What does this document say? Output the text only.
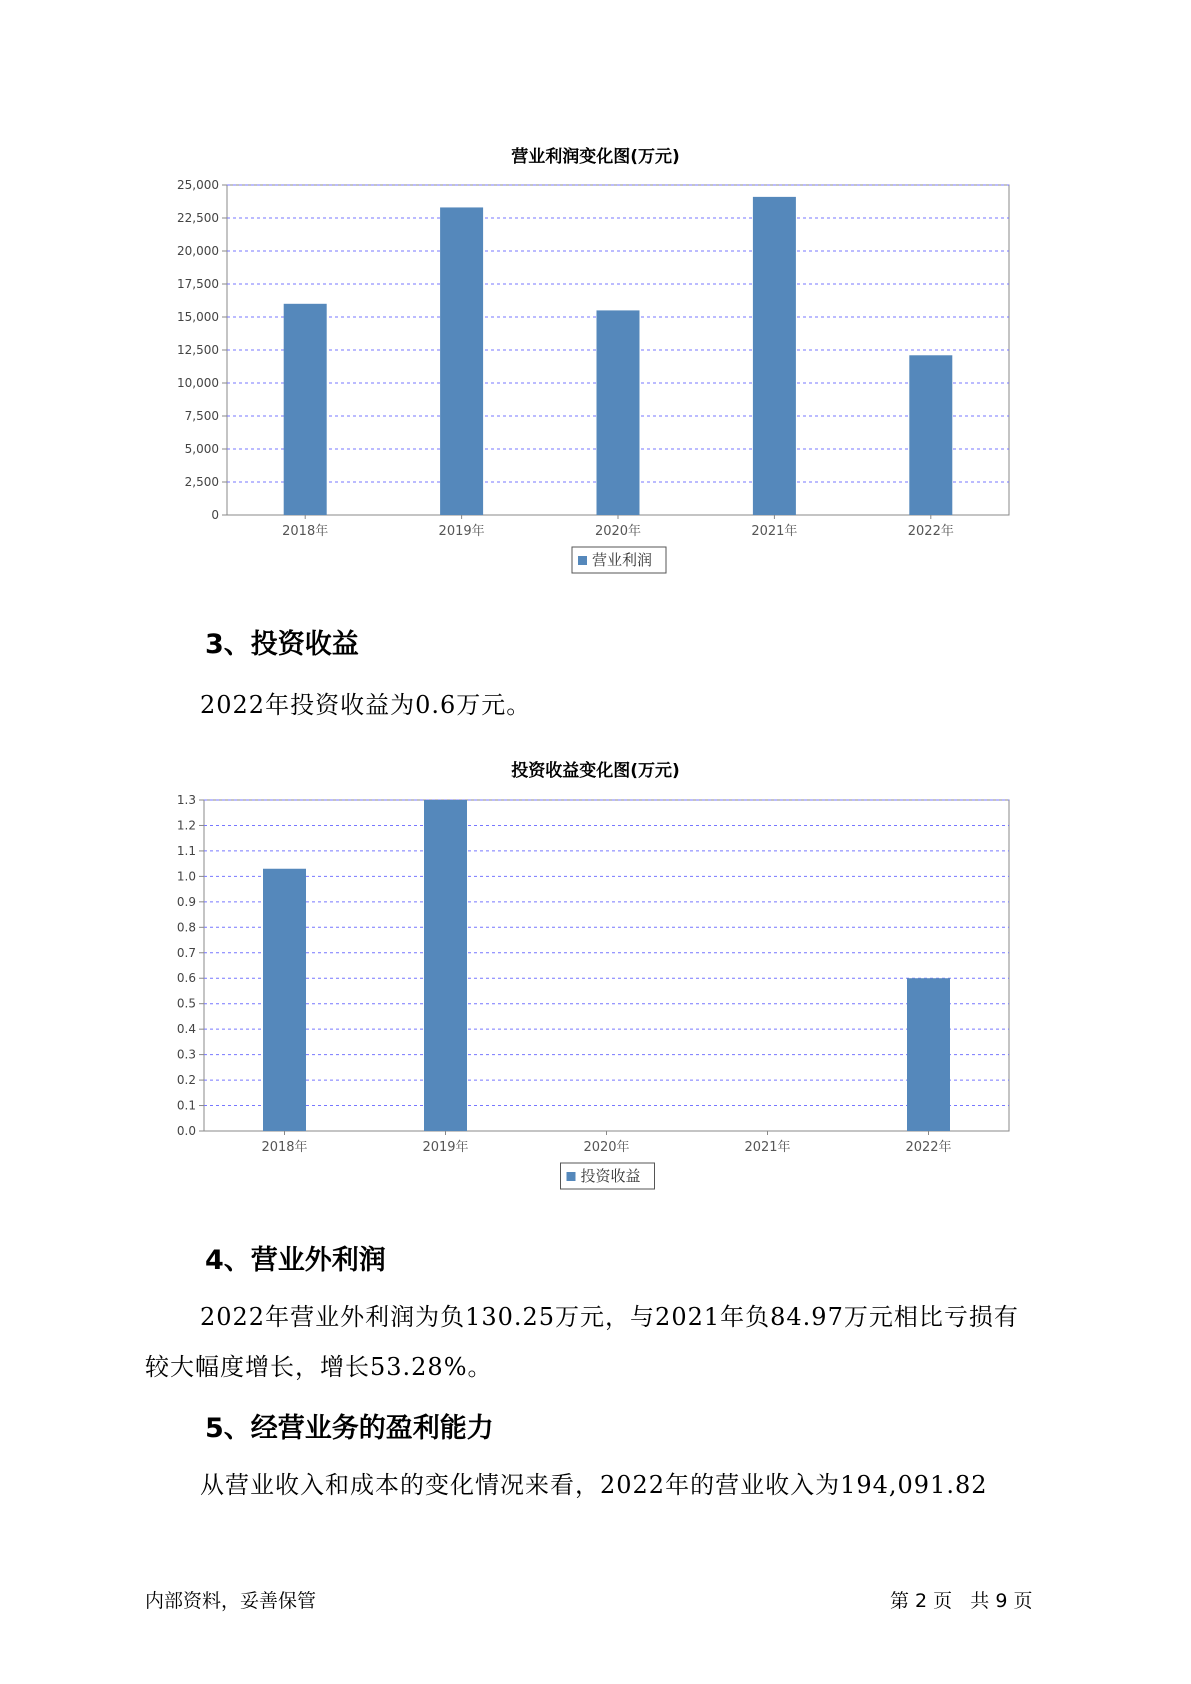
营业利润变化图(万元)
0
2,500
5,000
7,500
10,000
12,500
15,000
17,500
20,000
22,500
25,000
2018年	2019年	2020年	2021年	2022年
营业利润
3、投资收益
2022年投资收益为0.6万元。
投资收益变化图(万元)
0.0
0.1
0.2
0.3
0.4
0.5
0.6
0.7
0.8
0.9
1.0
1.1
1.2
1.3
2018年	2019年	2020年	2021年	2022年
投资收益
4、营业外利润
2022年营业外利润为负130.25万元，与2021年负84.97万元相比亏损有
较大幅度增长，增长53.28%。
5、经营业务的盈利能力
从营业收入和成本的变化情况来看，2022年的营业收入为194,091.82
内部资料，妥善保管	第 2 页   共 9 页
